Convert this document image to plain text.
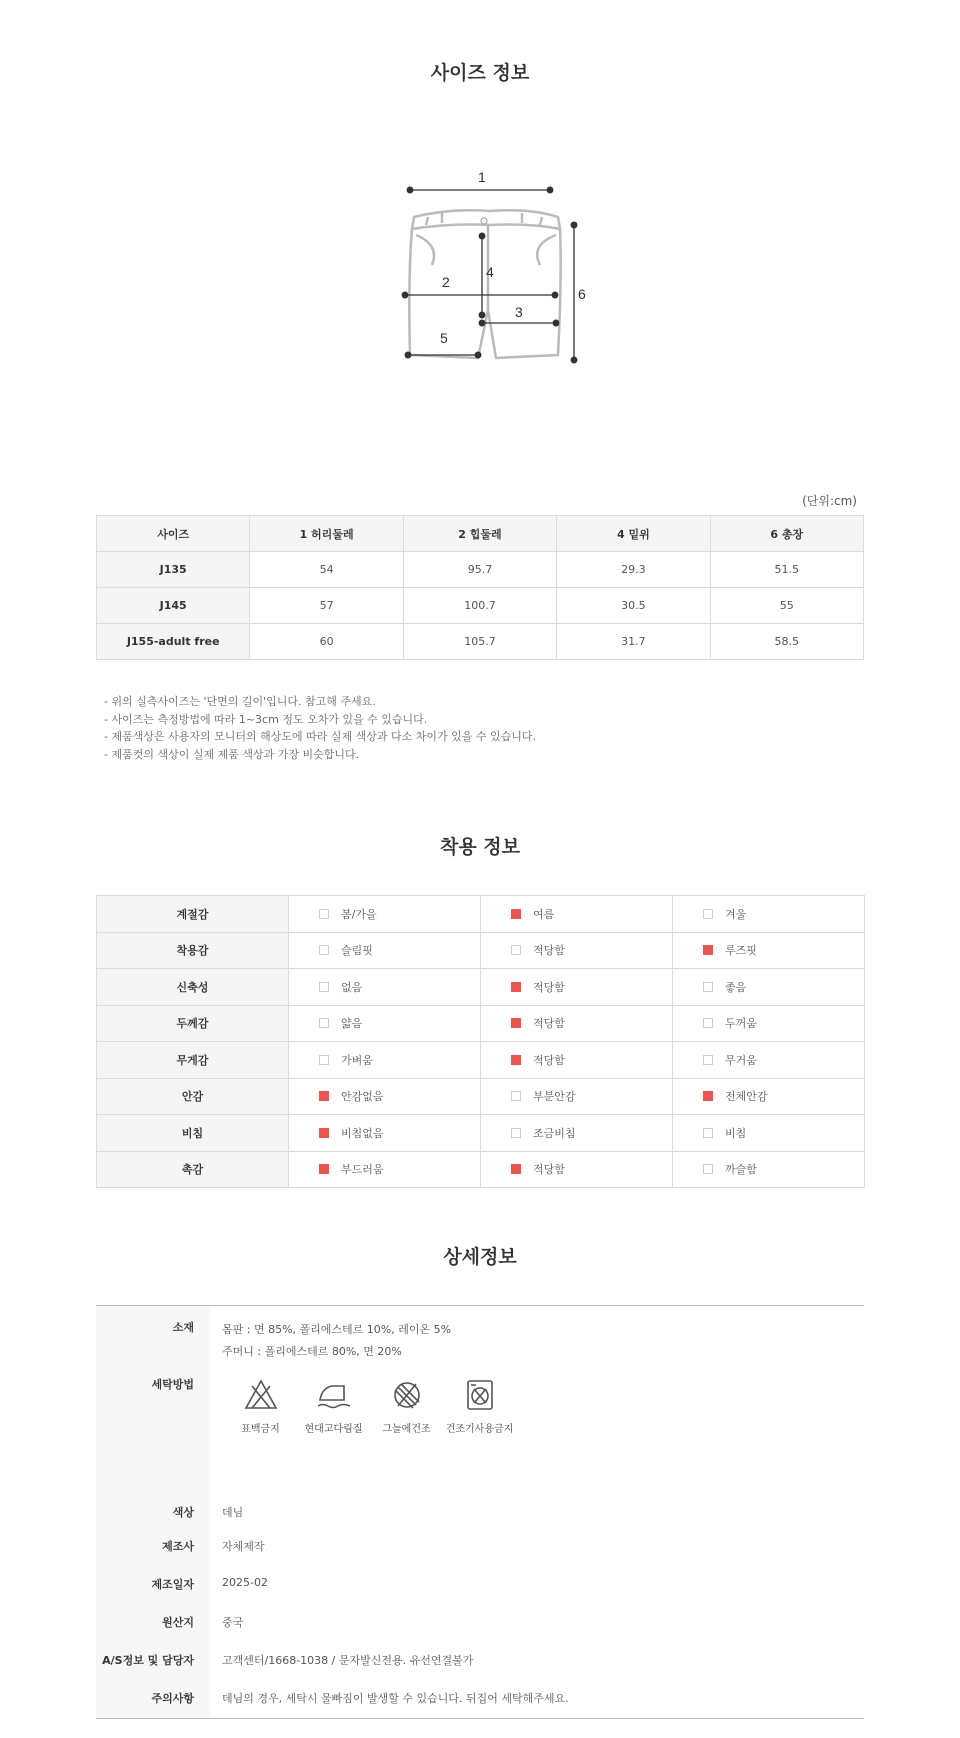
사이즈 정보
1
2
3
4
5
6
(단위:cm)
사이즈	1 허리둘레	2 힙둘레	4 밑위	6 총장
J135	54	95.7	29.3	51.5
J145	57	100.7	30.5	55
J155-adult free	60	105.7	31.7	58.5
- 위의 실측사이즈는 '단면의 길이'입니다. 참고해 주세요.
- 사이즈는 측정방법에 따라 1~3cm 정도 오차가 있을 수 있습니다.
- 제품색상은 사용자의 모니터의 해상도에 따라 실제 색상과 다소 차이가 있을 수 있습니다.
- 제품컷의 색상이 실제 제품 색상과 가장 비슷합니다.
착용 정보
계절감	봄/가을	여름	겨울

착용감	슬림핏	적당함	루즈핏

신축성	없음	적당함	좋음

두께감	얇음	적당함	두꺼움

무게감	가벼움	적당함	무거움

안감	안감없음	부분안감	전체안감

비침	비침없음	조금비침	비침

촉감	부드러움	적당함	까슬함
상세정보
소재	몸판 : 면 85%, 폴리에스테르 10%, 레이온 5%
주머니 : 폴리에스테르 80%, 면 20%
세탁방법
표백금지	현대고다림질	그늘에건조	건조기사용금지
색상	데님
제조사	자체제작
제조일자	2025-02
원산지	중국
A/S정보 및 담당자	고객센터/1668-1038 / 문자발신전용. 유선연결불가
주의사항	데님의 경우, 세탁시 물빠짐이 발생할 수 있습니다. 뒤집어 세탁해주세요.
